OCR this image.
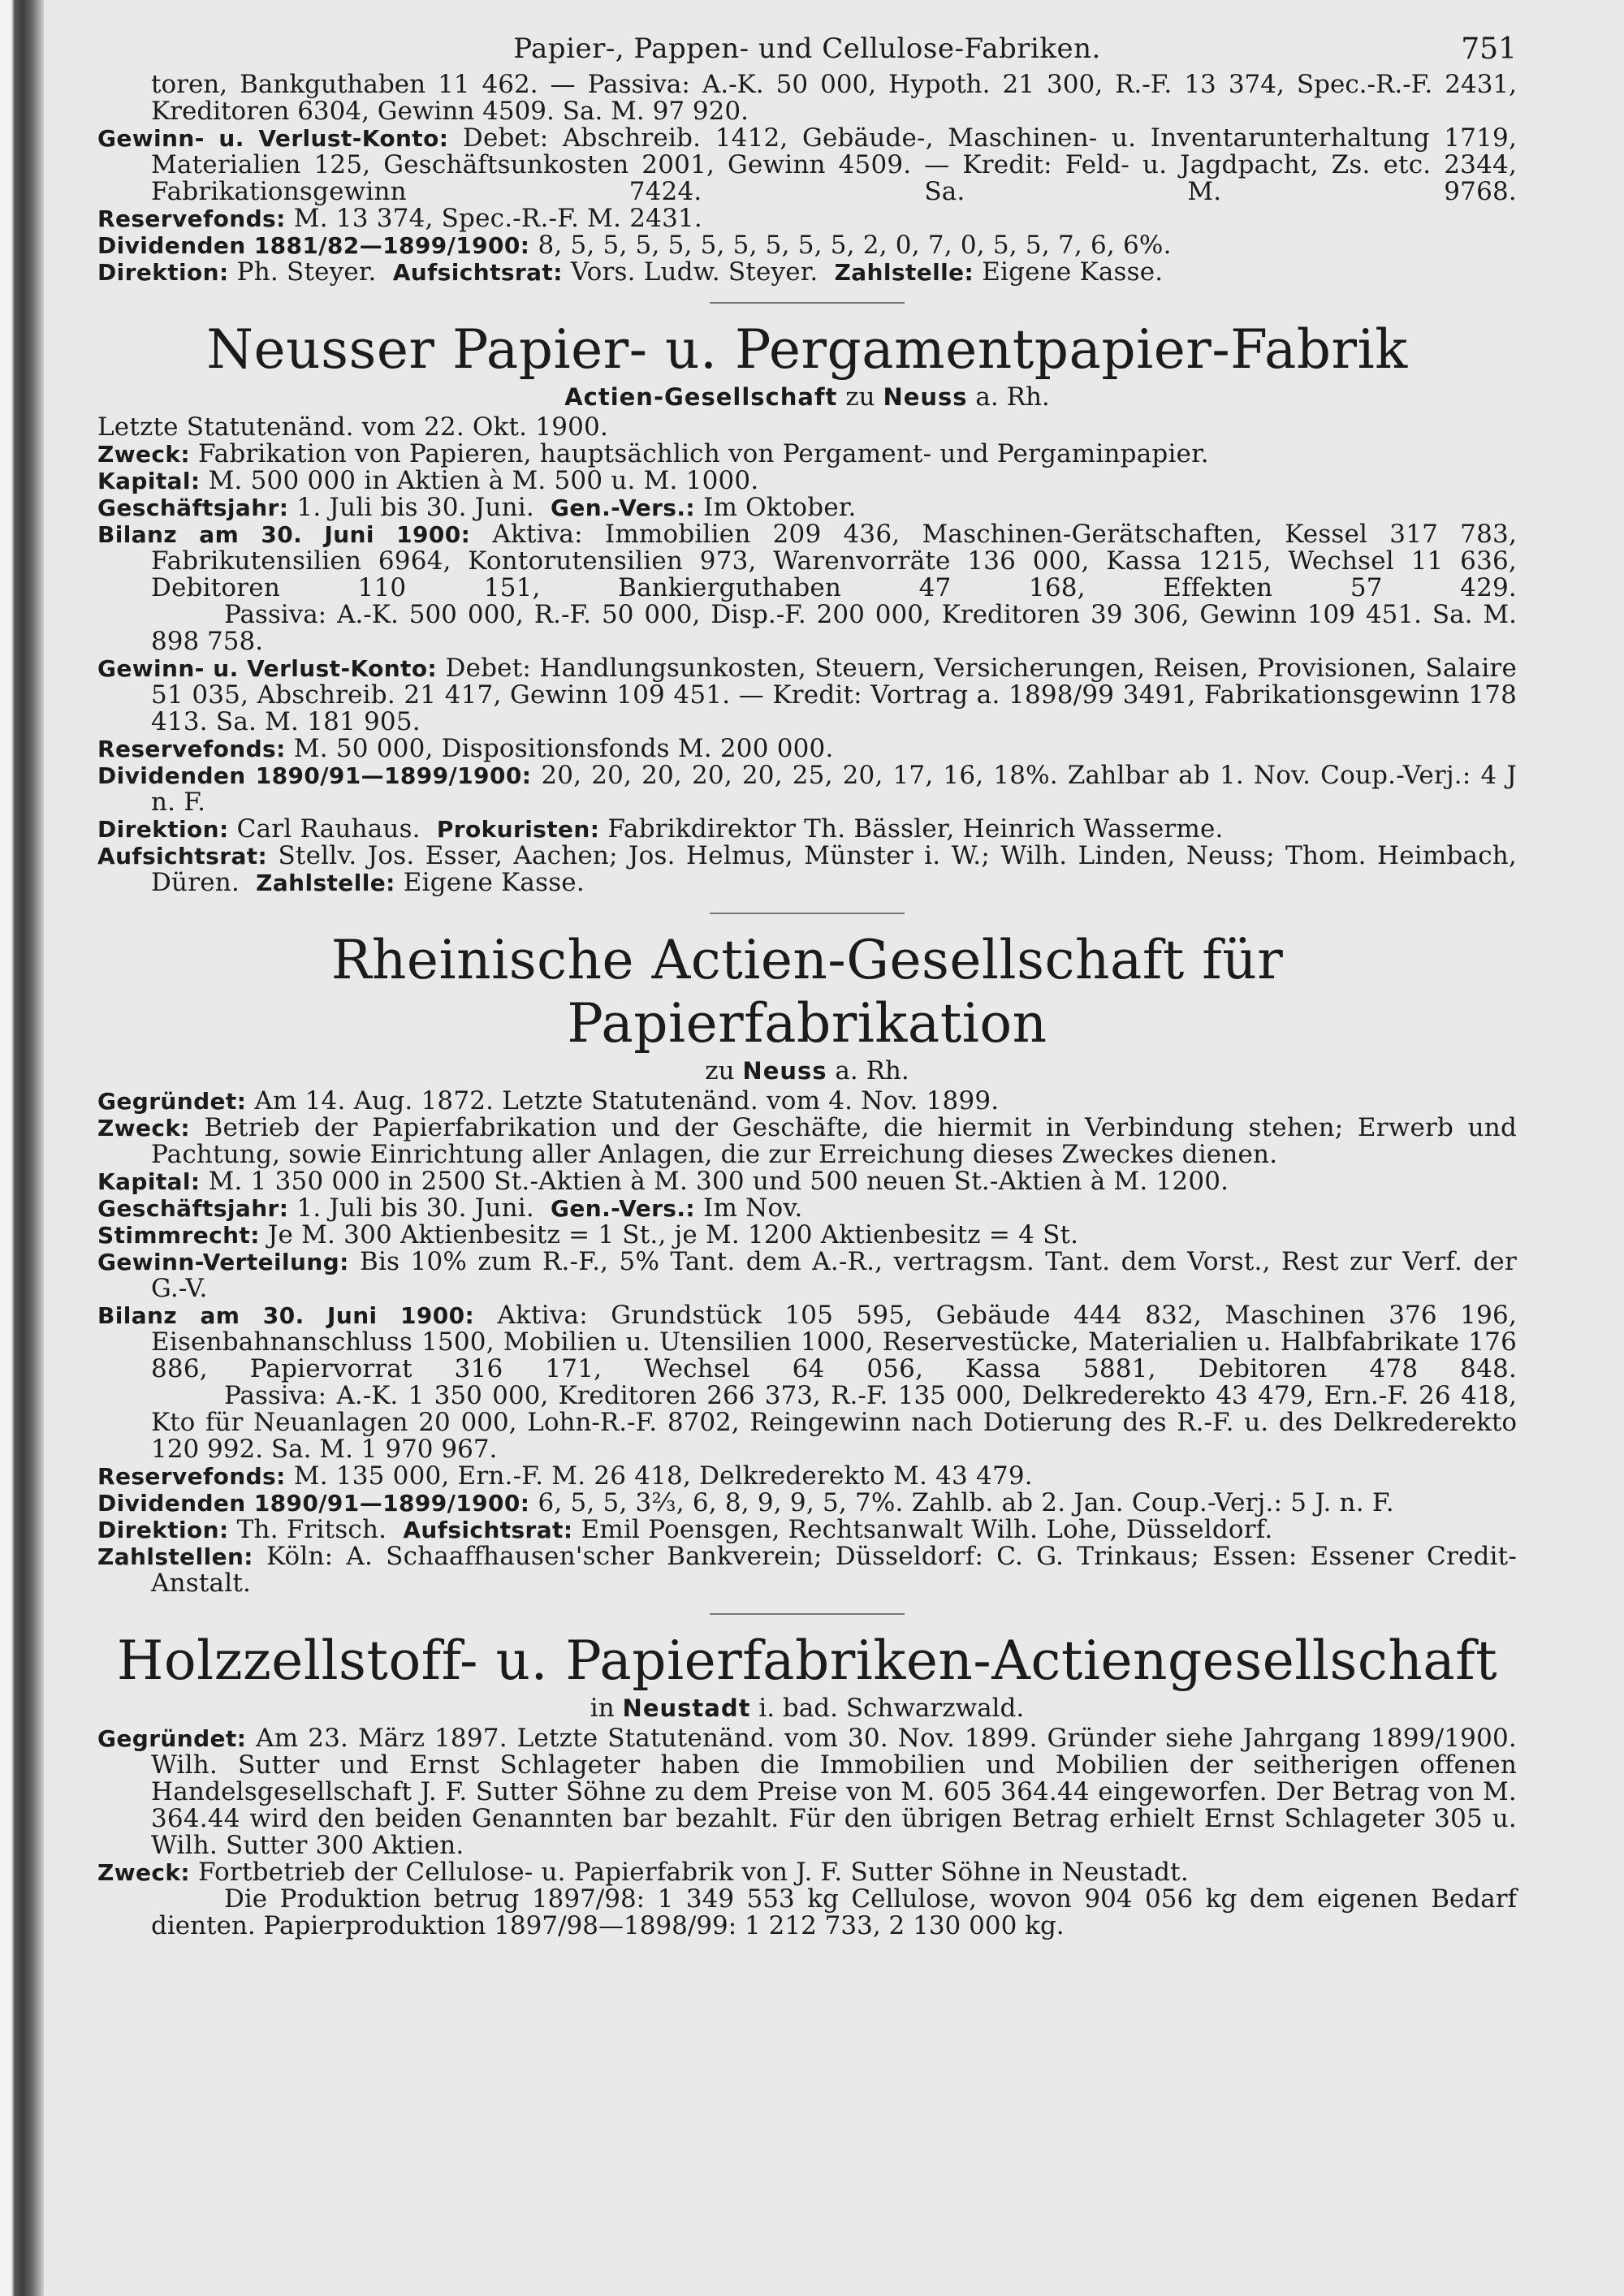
Papier-, Pappen- und Cellulose-Fabriken.	751

toren, Bankguthaben 11 462. — Passiva: A.-K. 50 000, Hypoth. 21 300, R.-F. 13 374, Spec.-R.-F. 2431, Kreditoren 6304, Gewinn 4509. Sa. M. 97 920.

Gewinn- u. Verlust-Konto: Debet: Abschreib. 1412, Gebäude-, Maschinen- u. Inventarunterhaltung 1719, Materialien 125, Geschäftsunkosten 2001, Gewinn 4509. — Kredit: Feld- u. Jagdpacht, Zs. etc. 2344, Fabrikationsgewinn 7424. Sa. M. 9768.

Reservefonds: M. 13 374, Spec.-R.-F. M. 2431.

Dividenden 1881/82—1899/1900: 8, 5, 5, 5, 5, 5, 5, 5, 5, 5, 2, 0, 7, 0, 5, 5, 7, 6, 6%.

Direktion: Ph. Steyer. Aufsichtsrat: Vors. Ludw. Steyer. Zahlstelle: Eigene Kasse.

Neusser Papier- u. Pergamentpapier-Fabrik
Actien-Gesellschaft zu Neuss a. Rh.

Letzte Statutenänd. vom 22. Okt. 1900.

Zweck: Fabrikation von Papieren, hauptsächlich von Pergament- und Pergaminpapier.

Kapital: M. 500 000 in Aktien à M. 500 u. M. 1000.

Geschäftsjahr: 1. Juli bis 30. Juni. Gen.-Vers.: Im Oktober.

Bilanz am 30. Juni 1900: Aktiva: Immobilien 209 436, Maschinen-Gerätschaften, Kessel 317 783, Fabrikutensilien 6964, Kontorutensilien 973, Warenvorräte 136 000, Kassa 1215, Wechsel 11 636, Debitoren 110 151, Bankierguthaben 47 168, Effekten 57 429.

Passiva: A.-K. 500 000, R.-F. 50 000, Disp.-F. 200 000, Kreditoren 39 306, Gewinn 109 451. Sa. M. 898 758.

Gewinn- u. Verlust-Konto: Debet: Handlungsunkosten, Steuern, Versicherungen, Reisen, Provisionen, Salaire 51 035, Abschreib. 21 417, Gewinn 109 451. — Kredit: Vortrag a. 1898/99 3491, Fabrikationsgewinn 178 413. Sa. M. 181 905.

Reservefonds: M. 50 000, Dispositionsfonds M. 200 000.

Dividenden 1890/91—1899/1900: 20, 20, 20, 20, 20, 25, 20, 17, 16, 18%. Zahlbar ab 1. Nov. Coup.-Verj.: 4 J n. F.

Direktion: Carl Rauhaus. Prokuristen: Fabrikdirektor Th. Bässler, Heinrich Wasserme.

Aufsichtsrat: Stellv. Jos. Esser, Aachen; Jos. Helmus, Münster i. W.; Wilh. Linden, Neuss; Thom. Heimbach, Düren. Zahlstelle: Eigene Kasse.

Rheinische Actien-Gesellschaft für Papierfabrikation
zu Neuss a. Rh.

Gegründet: Am 14. Aug. 1872. Letzte Statutenänd. vom 4. Nov. 1899.

Zweck: Betrieb der Papierfabrikation und der Geschäfte, die hiermit in Verbindung stehen; Erwerb und Pachtung, sowie Einrichtung aller Anlagen, die zur Erreichung dieses Zweckes dienen.

Kapital: M. 1 350 000 in 2500 St.-Aktien à M. 300 und 500 neuen St.-Aktien à M. 1200.

Geschäftsjahr: 1. Juli bis 30. Juni. Gen.-Vers.: Im Nov.

Stimmrecht: Je M. 300 Aktienbesitz = 1 St., je M. 1200 Aktienbesitz = 4 St.

Gewinn-Verteilung: Bis 10% zum R.-F., 5% Tant. dem A.-R., vertragsm. Tant. dem Vorst., Rest zur Verf. der G.-V.

Bilanz am 30. Juni 1900: Aktiva: Grundstück 105 595, Gebäude 444 832, Maschinen 376 196, Eisenbahnanschluss 1500, Mobilien u. Utensilien 1000, Reservestücke, Materialien u. Halbfabrikate 176 886, Papiervorrat 316 171, Wechsel 64 056, Kassa 5881, Debitoren 478 848.

Passiva: A.-K. 1 350 000, Kreditoren 266 373, R.-F. 135 000, Delkrederekto 43 479, Ern.-F. 26 418, Kto für Neuanlagen 20 000, Lohn-R.-F. 8702, Reingewinn nach Dotierung des R.-F. u. des Delkrederekto 120 992. Sa. M. 1 970 967.

Reservefonds: M. 135 000, Ern.-F. M. 26 418, Delkrederekto M. 43 479.

Dividenden 1890/91—1899/1900: 6, 5, 5, 3⅔, 6, 8, 9, 9, 5, 7%. Zahlb. ab 2. Jan. Coup.-Verj.: 5 J. n. F.

Direktion: Th. Fritsch. Aufsichtsrat: Emil Poensgen, Rechtsanwalt Wilh. Lohe, Düsseldorf.

Zahlstellen: Köln: A. Schaaffhausen'scher Bankverein; Düsseldorf: C. G. Trinkaus; Essen: Essener Credit-Anstalt.

Holzzellstoff- u. Papierfabriken-Actiengesellschaft
in Neustadt i. bad. Schwarzwald.

Gegründet: Am 23. März 1897. Letzte Statutenänd. vom 30. Nov. 1899. Gründer siehe Jahrgang 1899/1900. Wilh. Sutter und Ernst Schlageter haben die Immobilien und Mobilien der seitherigen offenen Handelsgesellschaft J. F. Sutter Söhne zu dem Preise von M. 605 364.44 eingeworfen. Der Betrag von M. 364.44 wird den beiden Genannten bar bezahlt. Für den übrigen Betrag erhielt Ernst Schlageter 305 u. Wilh. Sutter 300 Aktien.

Zweck: Fortbetrieb der Cellulose- u. Papierfabrik von J. F. Sutter Söhne in Neustadt.

Die Produktion betrug 1897/98: 1 349 553 kg Cellulose, wovon 904 056 kg dem eigenen Bedarf dienten. Papierproduktion 1897/98—1898/99: 1 212 733, 2 130 000 kg.
